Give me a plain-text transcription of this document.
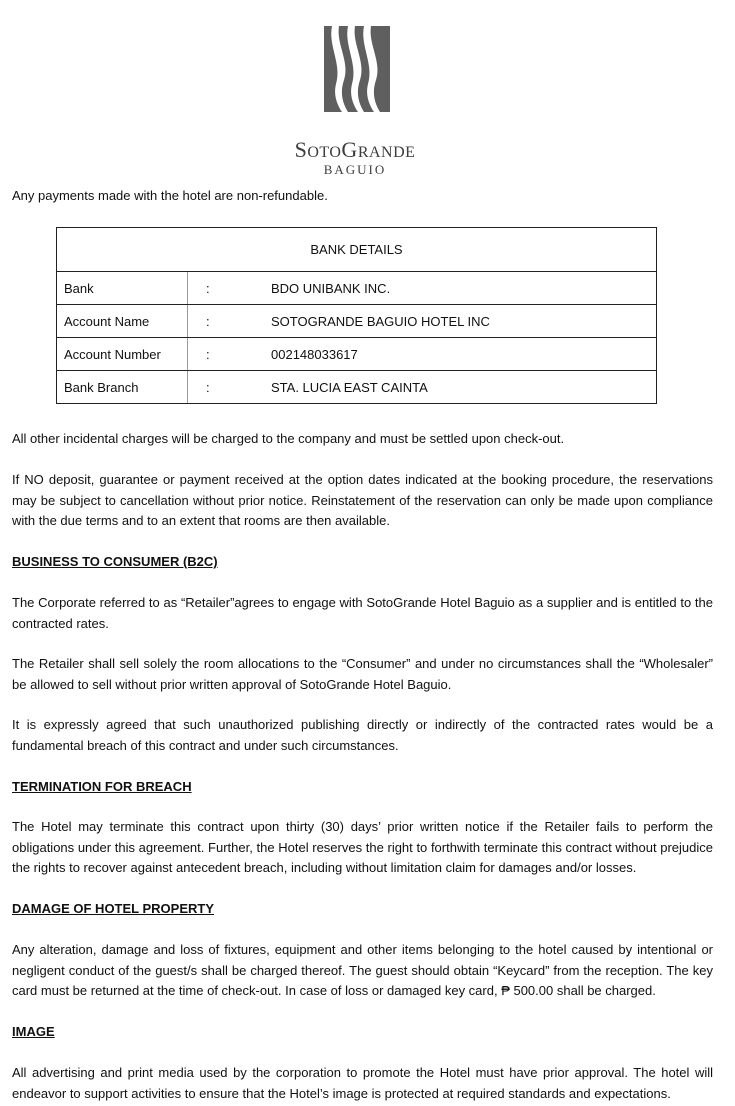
SOTOGRANDE
BAGUIO

Any payments made with the hotel are non-refundable.

BANK DETAILS		
Bank	:	BDO UNIBANK INC.
Account Name	:	SOTOGRANDE BAGUIO HOTEL INC
Account Number	:	002148033617
Bank Branch	:	STA. LUCIA EAST CAINTA

All other incidental charges will be charged to the company and must be settled upon check-out.

If NO deposit, guarantee or payment received at the option dates indicated at the booking procedure, the reservations may be subject to cancellation without prior notice. Reinstatement of the reservation can only be made upon compliance with the due terms and to an extent that rooms are then available.

BUSINESS TO CONSUMER (B2C)

The Corporate referred to as “Retailer”agrees to engage with SotoGrande Hotel Baguio as a supplier and is entitled to the contracted rates.

The Retailer shall sell solely the room allocations to the “Consumer” and under no circumstances shall the “Wholesaler” be allowed to sell without prior written approval of SotoGrande Hotel Baguio.

It is expressly agreed that such unauthorized publishing directly or indirectly of the contracted rates would be a fundamental breach of this contract and under such circumstances.

TERMINATION FOR BREACH

The Hotel may terminate this contract upon thirty (30) days’ prior written notice if the Retailer fails to perform the obligations under this agreement. Further, the Hotel reserves the right to forthwith terminate this contract without prejudice the rights to recover against antecedent breach, including without limitation claim for damages and/or losses.

DAMAGE OF HOTEL PROPERTY

Any alteration, damage and loss of fixtures, equipment and other items belonging to the hotel caused by intentional or negligent conduct of the guest/s shall be charged thereof. The guest should obtain “Keycard” from the reception. The key card must be returned at the time of check-out. In case of loss or damaged key card, ₱ 500.00 shall be charged.

IMAGE

All advertising and print media used by the corporation to promote the Hotel must have prior approval. The hotel will endeavor to support activities to ensure that the Hotel’s image is protected at required standards and expectations.
